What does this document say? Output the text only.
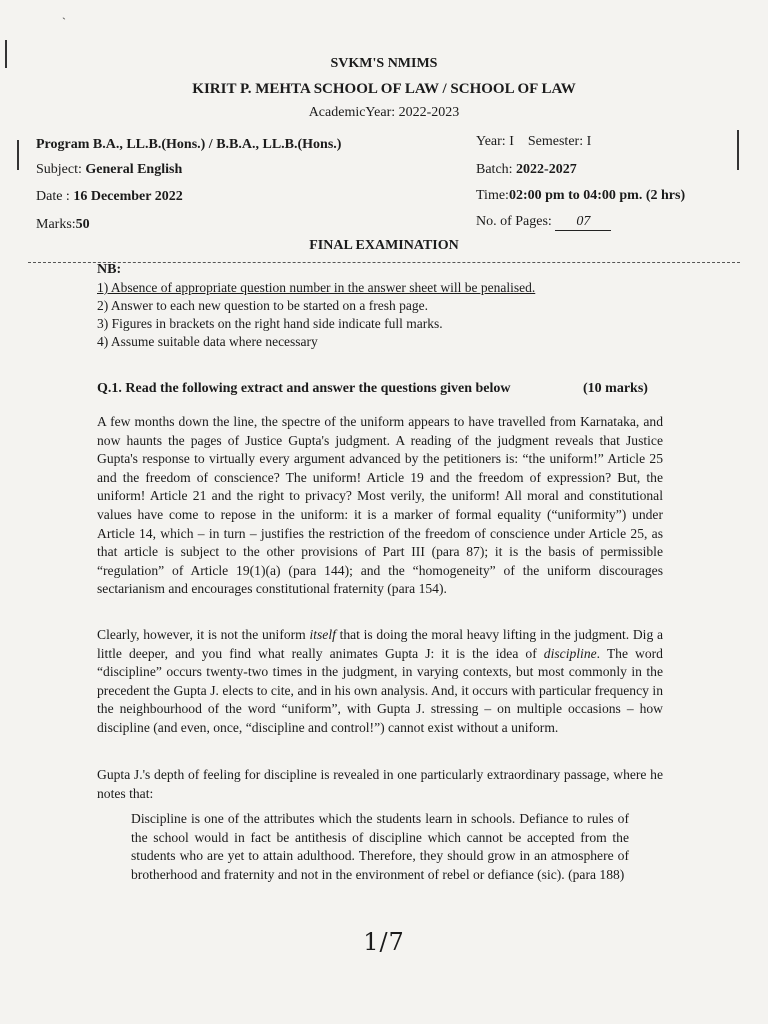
ˏ
SVKM'S NMIMS
KIRIT P. MEHTA SCHOOL OF LAW / SCHOOL OF LAW
AcademicYear: 2022-2023
Program B.A., LL.B.(Hons.) / B.B.A., LL.B.(Hons.)
Subject: General English
Date : 16 December 2022
Marks:50
Year: I Semester: I
Batch: 2022-2027
Time:02:00 pm to 04:00 pm. (2 hrs)
No. of Pages: 07
FINAL EXAMINATION
NB:
1) Absence of appropriate question number in the answer sheet will be penalised.
2) Answer to each new question to be started on a fresh page.
3) Figures in brackets on the right hand side indicate full marks.
4) Assume suitable data where necessary
Q.1. Read the following extract and answer the questions given below	(10 marks)
A few months down the line, the spectre of the uniform appears to have travelled from Karnataka, and now haunts the pages of Justice Gupta's judgment. A reading of the judgment reveals that Justice Gupta's response to virtually every argument advanced by the petitioners is: “the uniform!” Article 25 and the freedom of conscience? The uniform! Article 19 and the freedom of expression? But, the uniform! Article 21 and the right to privacy? Most verily, the uniform! All moral and constitutional values have come to repose in the uniform: it is a marker of formal equality (“uniformity”) under Article 14, which – in turn – justifies the restriction of the freedom of conscience under Article 25, as that article is subject to the other provisions of Part III (para 87); it is the basis of permissible “regulation” of Article 19(1)(a) (para 144); and the “homogeneity” of the uniform discourages sectarianism and encourages constitutional fraternity (para 154).
Clearly, however, it is not the uniform itself that is doing the moral heavy lifting in the judgment. Dig a little deeper, and you find what really animates Gupta J: it is the idea of discipline. The word “discipline” occurs twenty-two times in the judgment, in varying contexts, but most commonly in the precedent the Gupta J. elects to cite, and in his own analysis. And, it occurs with particular frequency in the neighbourhood of the word “uniform”, with Gupta J. stressing – on multiple occasions – how discipline (and even, once, “discipline and control!”) cannot exist without a uniform.
Gupta J.'s depth of feeling for discipline is revealed in one particularly extraordinary passage, where he notes that:
Discipline is one of the attributes which the students learn in schools. Defiance to rules of the school would in fact be antithesis of discipline which cannot be accepted from the students who are yet to attain adulthood. Therefore, they should grow in an atmosphere of brotherhood and fraternity and not in the environment of rebel or defiance (sic). (para 188)
1/7
